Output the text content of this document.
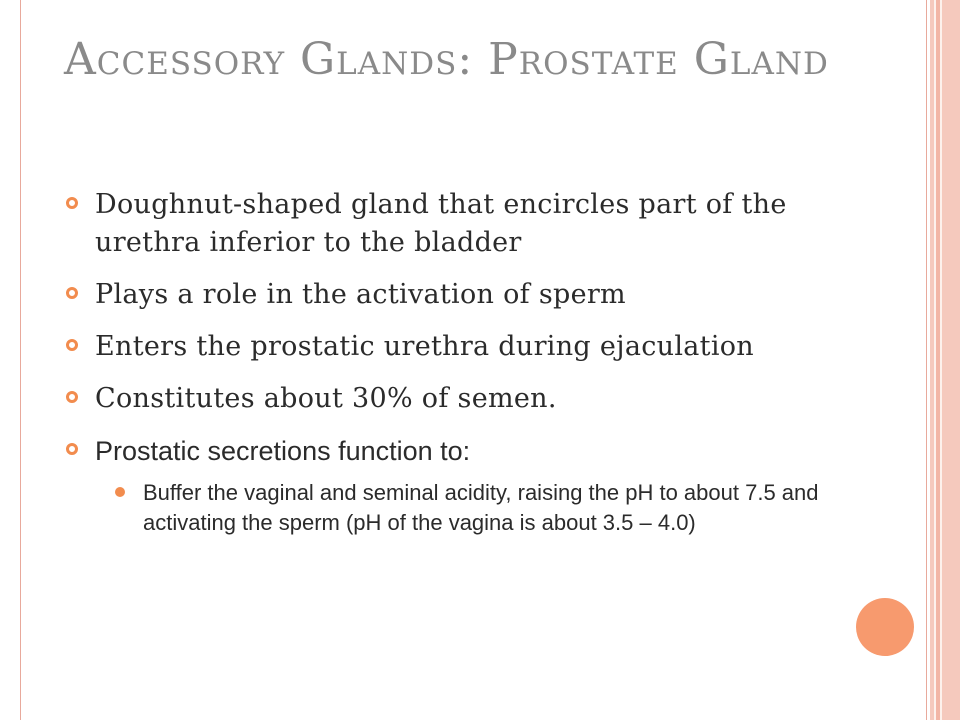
Accessory Glands: Prostate Gland
Doughnut-shaped gland that encircles part of the urethra inferior to the bladder
Plays a role in the activation of sperm
Enters the prostatic urethra during ejaculation
Constitutes about 30% of semen.
Prostatic secretions function to:
Buffer the vaginal and seminal acidity, raising the pH to about 7.5 and activating the sperm (pH of the vagina is about 3.5 – 4.0)
